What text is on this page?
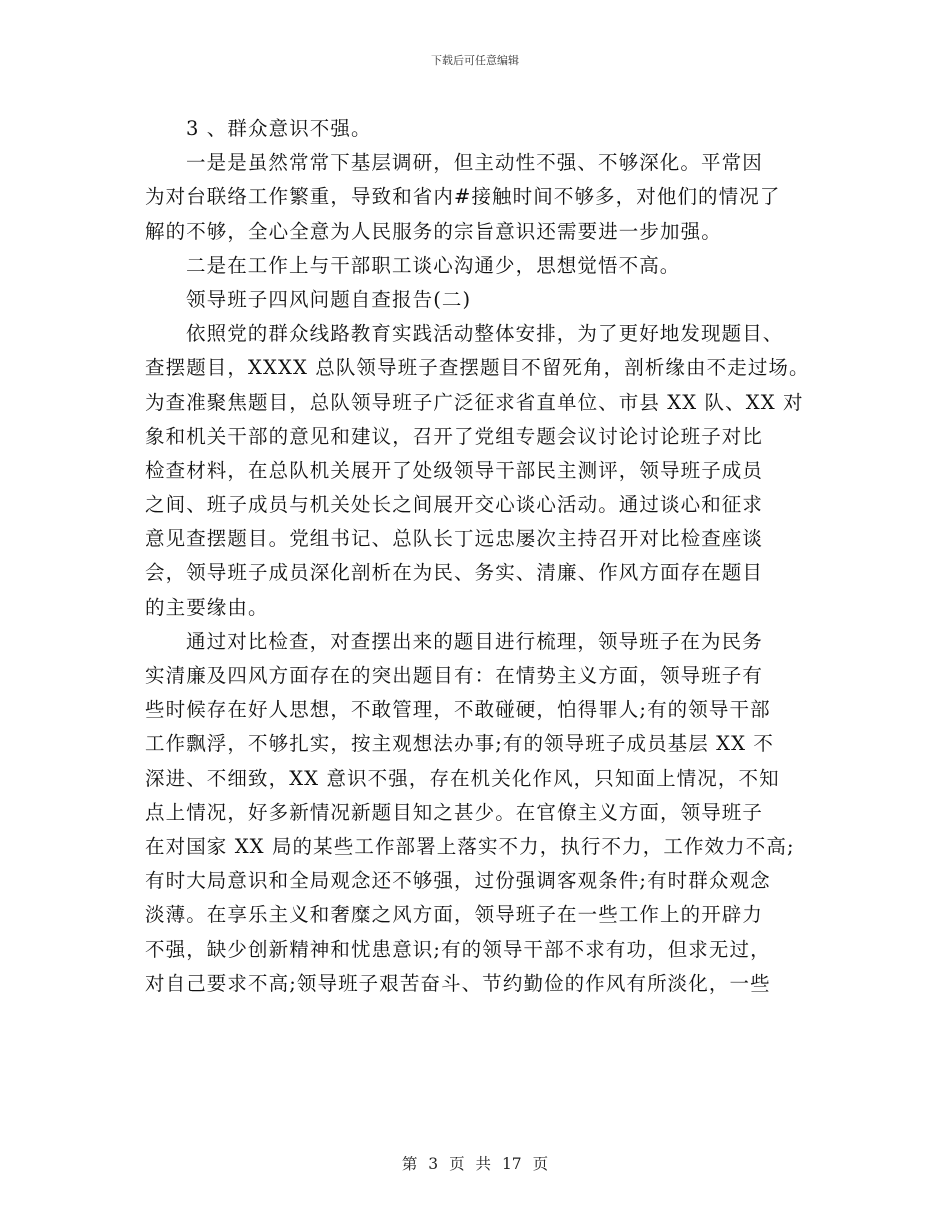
下载后可任意编辑
3 、群众意识不强。
一是是虽然常常下基层调研，但主动性不强、不够深化。平常因
为对台联络工作繁重，导致和省内#接触时间不够多，对他们的情况了
解的不够，全心全意为人民服务的宗旨意识还需要进一步加强。
二是在工作上与干部职工谈心沟通少，思想觉悟不高。
领导班子四风问题自查报告(二)
依照党的群众线路教育实践活动整体安排，为了更好地发现题目、
查摆题目，XXXX 总队领导班子查摆题目不留死角，剖析缘由不走过场。
为查准聚焦题目，总队领导班子广泛征求省直单位、市县 XX 队、XX 对
象和机关干部的意见和建议，召开了党组专题会议讨论讨论班子对比
检查材料，在总队机关展开了处级领导干部民主测评，领导班子成员
之间、班子成员与机关处长之间展开交心谈心活动。通过谈心和征求
意见查摆题目。党组书记、总队长丁远忠屡次主持召开对比检查座谈
会，领导班子成员深化剖析在为民、务实、清廉、作风方面存在题目
的主要缘由。
通过对比检查，对查摆出来的题目进行梳理，领导班子在为民务
实清廉及四风方面存在的突出题目有：在情势主义方面，领导班子有
些时候存在好人思想，不敢管理，不敢碰硬，怕得罪人;有的领导干部
工作飘浮，不够扎实，按主观想法办事;有的领导班子成员基层 XX 不
深进、不细致，XX 意识不强，存在机关化作风，只知面上情况，不知
点上情况，好多新情况新题目知之甚少。在官僚主义方面，领导班子
在对国家 XX 局的某些工作部署上落实不力，执行不力，工作效力不高;
有时大局意识和全局观念还不够强，过份强调客观条件;有时群众观念
淡薄。在享乐主义和奢糜之风方面，领导班子在一些工作上的开辟力
不强，缺少创新精神和忧患意识;有的领导干部不求有功，但求无过，
对自己要求不高;领导班子艰苦奋斗、节约勤俭的作风有所淡化，一些
第 3 页 共 17 页
